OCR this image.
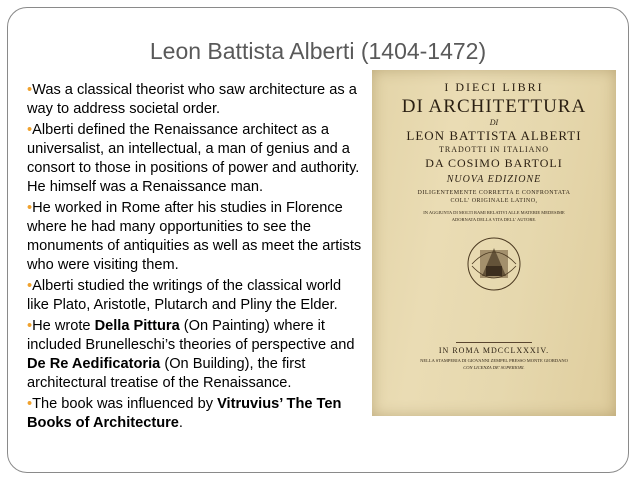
Leon Battista Alberti (1404-1472)
•Was a classical theorist who saw architecture as a way to address societal order.
•Alberti defined the Renaissance architect as a universalist, an intellectual, a man of genius and a consort to those in positions of power and authority. He himself was a Renaissance man.
•He worked in Rome after his studies in Florence where he had many opportunities to see the monuments of antiquities as well as meet the artists who were visiting them.
•Alberti studied the writings of the classical world like Plato, Aristotle, Plutarch and Pliny the Elder.
•He wrote Della Pittura (On Painting) where it included Brunelleschi’s theories of perspective and De Re Aedificatoria (On Building), the first architectural treatise of the Renaissance.
•The book was influenced by Vitruvius’ The Ten Books of Architecture.
I DIECI LIBRI
DI ARCHITETTURA
DI
LEON BATTISTA ALBERTI
TRADOTTI IN ITALIANO
DA COSIMO BARTOLI
NUOVA EDIZIONE
DILIGENTEMENTE CORRETTA E CONFRONTATA
COLL' ORIGINALE LATINO,
IN AGGIUNTA DI MOLTI RAMI RELATIVI ALLE MATERIE MEDESIME
ADORNATA DELLA VITA DELL' AUTORE.
IN ROMA MDCCLXXXIV.
NELLA STAMPERIA DI GIOVANNI ZEMPEL PRESSO MONTE GIORDANO
CON LICENZA DE' SUPERIORI.
